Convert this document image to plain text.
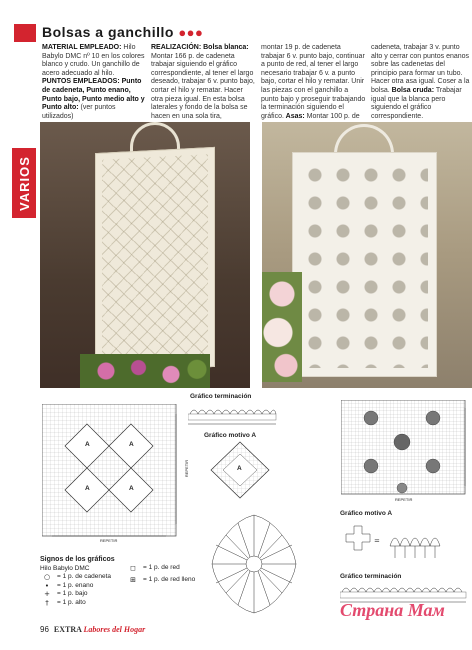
Bolsas a ganchillo ●●●
VARIOS
MATERIAL EMPLEADO: Hilo Babylo DMC nº 10 en los colores blanco y crudo. Un ganchillo de acero adecuado al hilo.
PUNTOS EMPLEADOS: Punto de cadeneta, Punto enano, Punto bajo, Punto medio alto y Punto alto: (ver puntos utilizados)
REALIZACIÓN: Bolsa blanca: Montar 166 p. de cadeneta trabajar siguiendo el gráfico correspondiente, al tener el largo deseado, trabajar 6 v. punto bajo, cortar el hilo y rematar. Hacer otra pieza igual. En esta bolsa laterales y fondo de la bolsa se hacen en una sola tira,
montar 19 p. de cadeneta trabajar 6 v. punto bajo, continuar a punto de red, al tener el largo necesario trabajar 6 v. a punto bajo, cortar el hilo y rematar. Unir las piezas con el ganchillo a punto bajo y proseguir trabajando la terminación siguiendo el gráfico. Asas: Montar 100 p. de
cadeneta, trabajar 3 v. punto alto y cerrar con puntos enanos sobre las cadenetas del principio para formar un tubo. Hacer otra asa igual. Coser a la bolsa. Bolsa cruda: Trabajar igual que la blanca pero siguiendo el gráfico correspondiente.
A	A
A	A
REPETIR
REPETIR
Gráfico terminación
Gráfico motivo A
A
REPETIR
Gráfico motivo A
=
Gráfico terminación
Signos de los gráficos
Hilo Babylo DMC
○	= 1 p. de cadeneta
•	= 1 p. enano
+	= 1 p. bajo
†	= 1 p. alto
◻	= 1 p. de red
⊞	= 1 p. de red lleno
96 EXTRA Labores del Hogar
Страна Мам
